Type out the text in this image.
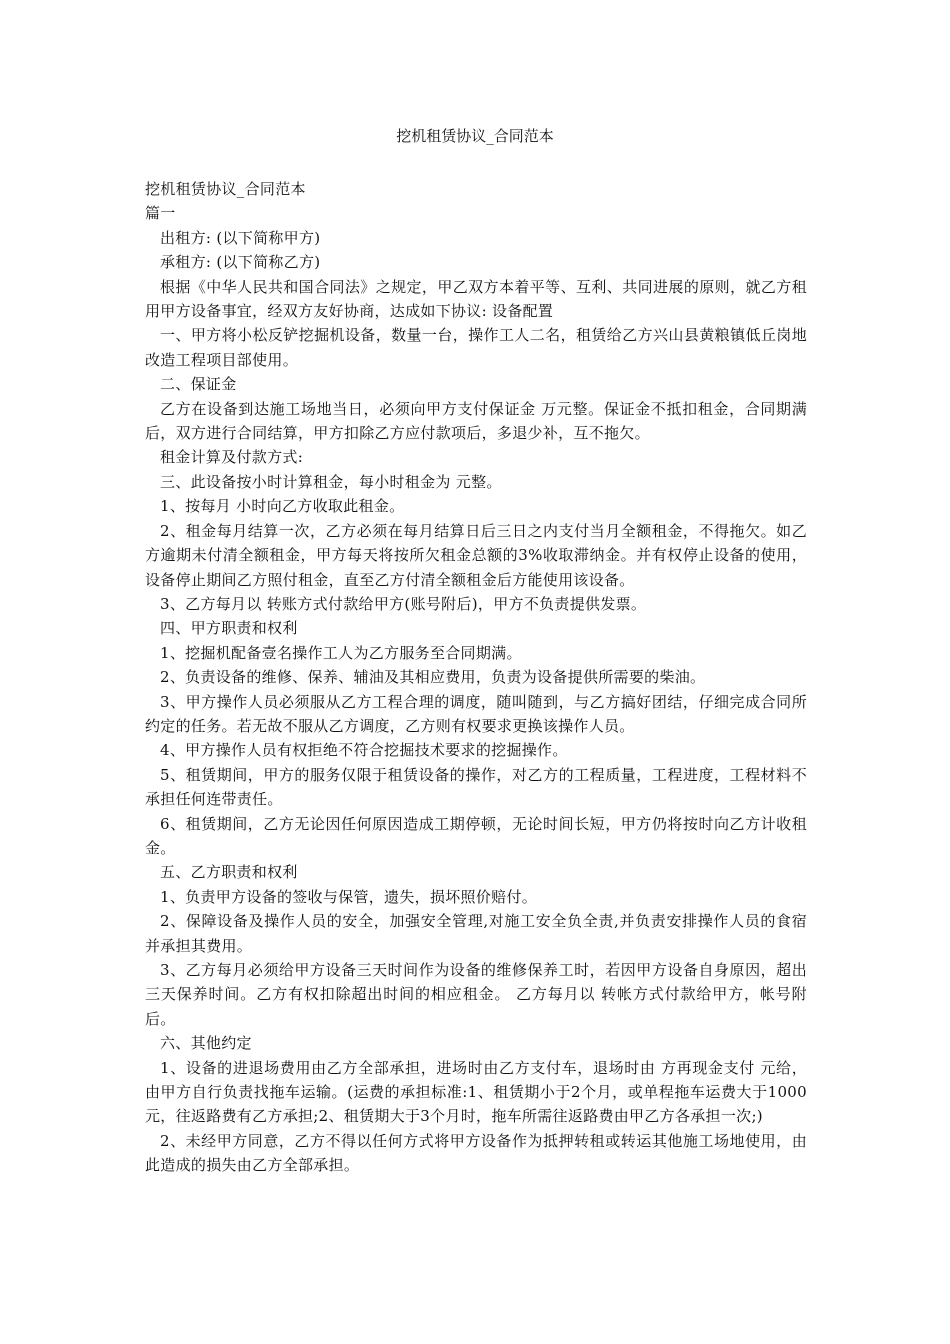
挖机租赁协议_合同范本

挖机租赁协议_合同范本

篇一

出租方: (以下简称甲方)

承租方: (以下简称乙方)

根据《中华人民共和国合同法》之规定，甲乙双方本着平等、互利、共同进展的原则，就乙方租用甲方设备事宜，经双方友好协商，达成如下协议: 设备配置

一、甲方将小松反铲挖掘机设备，数量一台，操作工人二名，租赁给乙方兴山县黄粮镇低丘岗地改造工程项目部使用。

二、保证金

乙方在设备到达施工场地当日，必须向甲方支付保证金 万元整。保证金不抵扣租金，合同期满后，双方进行合同结算，甲方扣除乙方应付款项后，多退少补，互不拖欠。

租金计算及付款方式:

三、此设备按小时计算租金，每小时租金为 元整。

1、按每月 小时向乙方收取此租金。

2、租金每月结算一次，乙方必须在每月结算日后三日之内支付当月全额租金，不得拖欠。如乙方逾期未付清全额租金，甲方每天将按所欠租金总额的3%收取滞纳金。并有权停止设备的使用，设备停止期间乙方照付租金，直至乙方付清全额租金后方能使用该设备。

3、乙方每月以 转账方式付款给甲方(账号附后)，甲方不负责提供发票。

四、甲方职责和权利

1、挖掘机配备壹名操作工人为乙方服务至合同期满。

2、负责设备的维修、保养、辅油及其相应费用，负责为设备提供所需要的柴油。

3、甲方操作人员必须服从乙方工程合理的调度，随叫随到，与乙方搞好团结，仔细完成合同所约定的任务。若无故不服从乙方调度，乙方则有权要求更换该操作人员。

4、甲方操作人员有权拒绝不符合挖掘技术要求的挖掘操作。

5、租赁期间，甲方的服务仅限于租赁设备的操作，对乙方的工程质量，工程进度，工程材料不承担任何连带责任。

6、租赁期间，乙方无论因任何原因造成工期停顿，无论时间长短，甲方仍将按时向乙方计收租金。

五、乙方职责和权利

1、负责甲方设备的签收与保管，遗失，损坏照价赔付。

2、保障设备及操作人员的安全，加强安全管理,对施工安全负全责,并负责安排操作人员的食宿并承担其费用。

3、乙方每月必须给甲方设备三天时间作为设备的维修保养工时，若因甲方设备自身原因，超出三天保养时间。乙方有权扣除超出时间的相应租金。 乙方每月以 转帐方式付款给甲方，帐号附后。

六、其他约定

1、设备的进退场费用由乙方全部承担，进场时由乙方支付车，退场时由 方再现金支付 元给，由甲方自行负责找拖车运输。(运费的承担标准:1、租赁期小于2个月，或单程拖车运费大于1000元，往返路费有乙方承担;2、租赁期大于3个月时，拖车所需往返路费由甲乙方各承担一次;)

2、未经甲方同意，乙方不得以任何方式将甲方设备作为抵押转租或转运其他施工场地使用，由此造成的损失由乙方全部承担。
